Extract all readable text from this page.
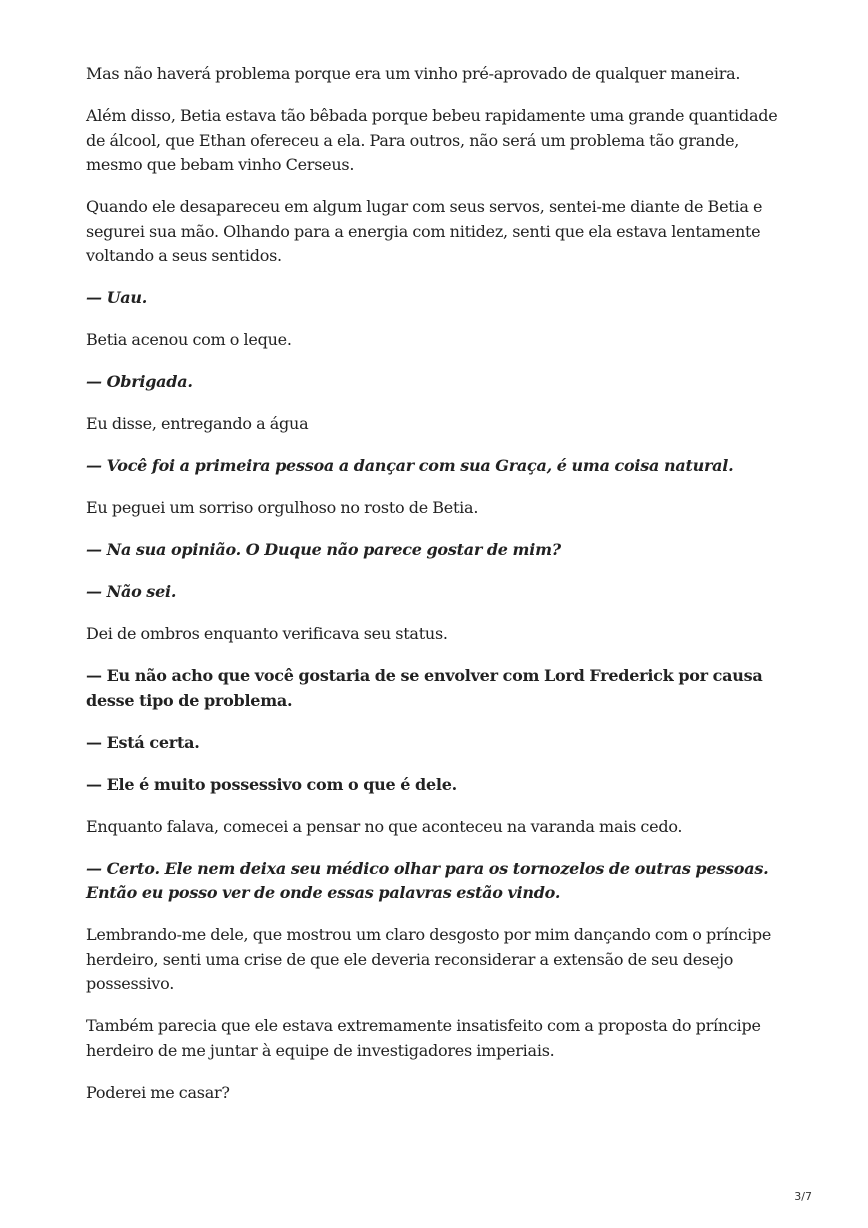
Mas não haverá problema porque era um vinho pré-aprovado de qualquer maneira.

Além disso, Betia estava tão bêbada porque bebeu rapidamente uma grande quantidade de álcool, que Ethan ofereceu a ela. Para outros, não será um problema tão grande, mesmo que bebam vinho Cerseus.

Quando ele desapareceu em algum lugar com seus servos, sentei-me diante de Betia e segurei sua mão. Olhando para a energia com nitidez, senti que ela estava lentamente voltando a seus sentidos.

— Uau.

Betia acenou com o leque.

— Obrigada.

Eu disse, entregando a água

— Você foi a primeira pessoa a dançar com sua Graça, é uma coisa natural.

Eu peguei um sorriso orgulhoso no rosto de Betia.

— Na sua opinião. O Duque não parece gostar de mim?

— Não sei.

Dei de ombros enquanto verificava seu status.

— Eu não acho que você gostaria de se envolver com Lord Frederick por causa desse tipo de problema.

— Está certa.

— Ele é muito possessivo com o que é dele.

Enquanto falava, comecei a pensar no que aconteceu na varanda mais cedo.

— Certo. Ele nem deixa seu médico olhar para os tornozelos de outras pessoas. Então eu posso ver de onde essas palavras estão vindo.

Lembrando-me dele, que mostrou um claro desgosto por mim dançando com o príncipe herdeiro, senti uma crise de que ele deveria reconsiderar a extensão de seu desejo possessivo.

Também parecia que ele estava extremamente insatisfeito com a proposta do príncipe herdeiro de me juntar à equipe de investigadores imperiais.

Poderei me casar?

3/7
